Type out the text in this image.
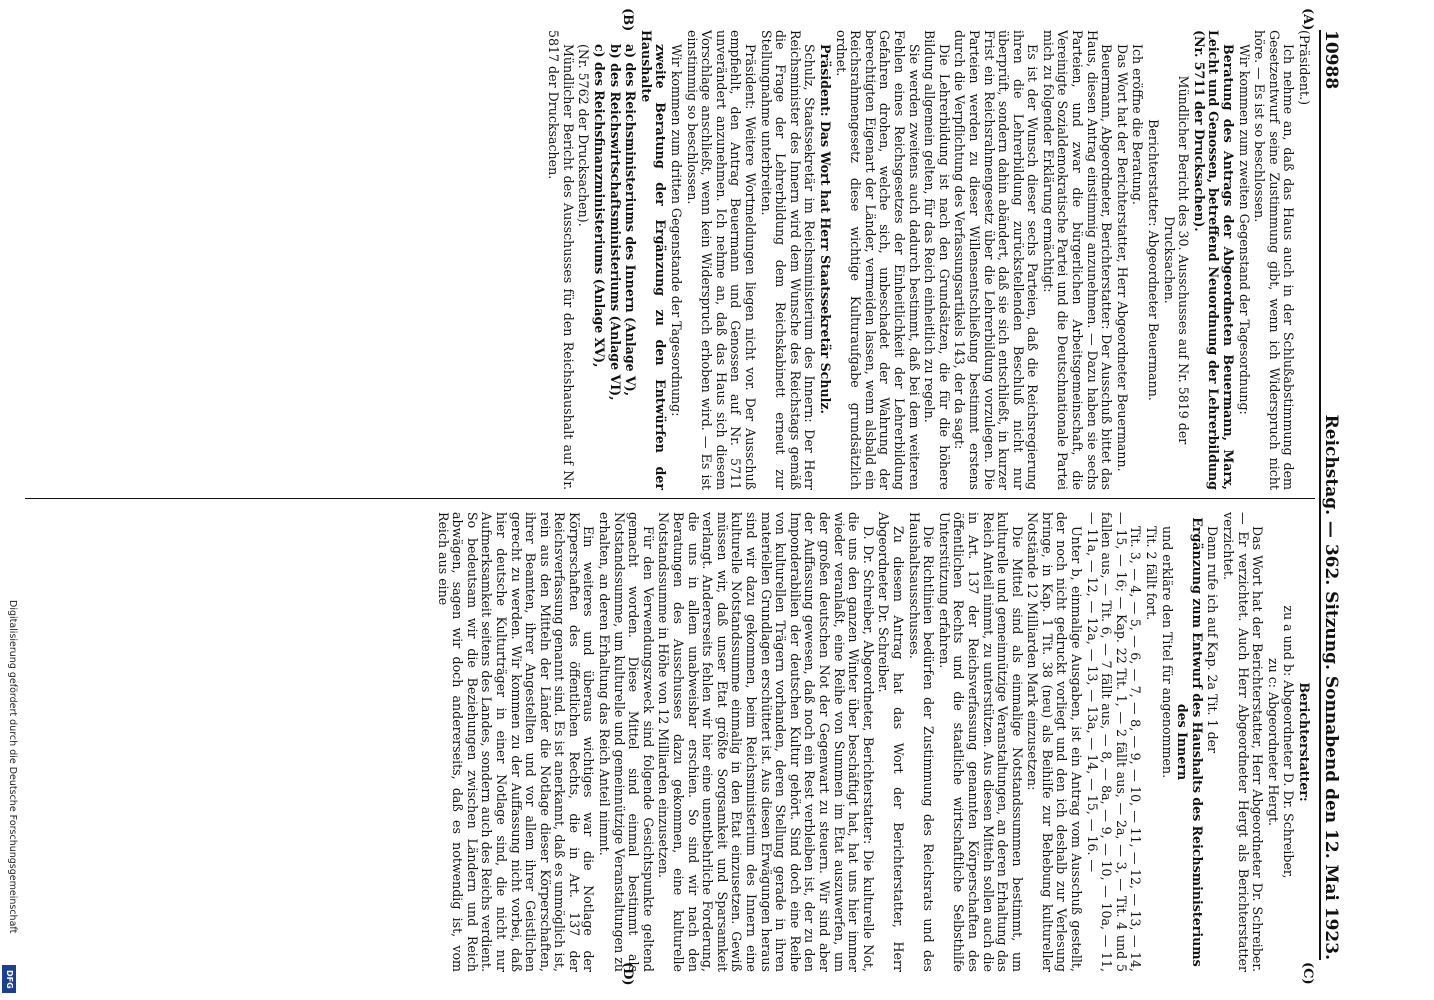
10988
Reichstag. — 362. Sitzung. Sonnabend den 12. Mai 1923.
(A)
(B)
(C)
(D)

(Präsident.)

Ich nehme an, daß das Haus auch in der Schlußabstimmung dem Gesetzentwurf seine Zustimmung gibt, wenn ich Widerspruch nicht höre. — Es ist so beschlossen.

Wir kommen zum zweiten Gegenstand der Tagesordnung:

Beratung des Antrags der Abgeordneten Beuermann, Marx, Leicht und Genossen, betreffend Neuordnung der Lehrerbildung (Nr. 5711 der Drucksachen).

Mündlicher Bericht des 30. Ausschusses auf Nr. 5819 der Drucksachen.

Berichterstatter: Abgeordneter Beuermann.

Ich eröffne die Beratung.

Das Wort hat der Berichterstatter, Herr Abgeordneter Beuermann.

Beuermann, Abgeordneter, Berichterstatter: Der Ausschuß bittet das Haus, diesen Antrag einstimmig anzunehmen. — Dazu haben sie sechs Parteien, und zwar die bürgerlichen Arbeitsgemeinschaft, die Vereinigte Sozialdemokratische Partei und die Deutschnationale Partei mich zu folgender Erklärung ermächtigt:

Es ist der Wunsch dieser sechs Parteien, daß die Reichsregierung ihren die Lehrerbildung zurückstellenden Beschluß nicht nur überprüft, sondern dahin abändert, daß sie sich entschließt, in kurzer Frist ein Reichsrahmengesetz über die Lehrerbildung vorzulegen. Die Parteien werden zu dieser Willensentschließung bestimmt erstens durch die Verpflichtung des Verfassungsartikels 143, der da sagt:

Die Lehrerbildung ist nach den Grundsätzen, die für die höhere Bildung allgemein gelten, für das Reich einheitlich zu regeln.

Sie werden zweitens auch dadurch bestimmt, daß bei dem weiteren Fehlen eines Reichsgesetzes der Einheitlichkeit der Lehrerbildung Gefahren drohen, welche sich, unbeschadet der Wahrung der berechtigten Eigenart der Länder, vermeiden lassen, wenn alsbald ein Reichsrahmengesetz diese wichtige Kulturaufgabe grundsätzlich ordnet.

Präsident: Das Wort hat Herr Staatssekretär Schulz.

Schulz, Staatssekretär im Reichsministerium des Innern: Der Herr Reichsminister des Innern wird dem Wunsche des Reichstags gemäß die Frage der Lehrerbildung dem Reichskabinett erneut zur Stellungnahme unterbreiten.

Präsident: Weitere Wortmeldungen liegen nicht vor. Der Ausschuß empfiehlt, den Antrag Beuermann und Genossen auf Nr. 5711 unverändert anzunehmen. Ich nehme an, daß das Haus sich diesem Vorschlage anschließt, wenn kein Widerspruch erhoben wird. — Es ist einstimmig so beschlossen.

Wir kommen zum dritten Gegenstande der Tagesordnung:

zweite Beratung der Ergänzung zu den Entwürfen der Haushalte

a) des Reichsministeriums des Innern (Anlage V),

b) des Reichswirtschaftsministeriums (Anlage VI),

c) des Reichsfinanzministeriums (Anlage XV),

(Nr. 5762 der Drucksachen).

Mündlicher Bericht des Ausschusses für den Reichshaushalt auf Nr. 5817 der Drucksachen.

Berichterstatter:

zu a und b: Abgeordneter D. Dr. Schreiber,

zu c: Abgeordneter Hergt.

Das Wort hat der Berichterstatter, Herr Abgeordneter Dr. Schreiber. — Er verzichtet. Auch Herr Abgeordneter Hergt als Berichterstatter verzichtet.

Dann rufe ich auf Kap. 2a Tit. 1 der

Ergänzung zum Entwurf des Haushalts des Reichsministeriums des Innern

und erkläre den Titel für angenommen.

Tit. 2 fällt fort.

Tit. 3, — 4, — 5, — 6, — 7, — 8, — 9, — 10, — 11, — 12, — 13, — 14, — 15, — 16; — Kap. 22 Tit. 1, — 2 fällt aus, — 2a, — 3, — Tit. 4 und 5 fallen aus, — Tit. 6, — 7 fällt aus, — 8, — 8a, — 9, — 10, — 10a, — 11, — 11a, — 12, — 12a, — 13, — 13a, — 14, — 15, — 16. —

Unter b, einmalige Ausgaben, ist ein Antrag vom Ausschuß gestellt, der noch nicht gedruckt vorliegt und den ich deshalb zur Verlesung bringe, in Kap. 1 Tit. 38 (neu) als Beihilfe zur Behebung kultureller Notstände 12 Milliarden Mark einzusetzen:

Die Mittel sind als einmalige Notstandssummen bestimmt, um kulturelle und gemeinnützige Veranstaltungen, an deren Erhaltung das Reich Anteil nimmt, zu unterstützen. Aus diesen Mitteln sollen auch die in Art. 137 der Reichsverfassung genannten Körperschaften des öffentlichen Rechts und die staatliche wirtschaftliche Selbsthilfe Unterstützung erfahren.

Die Richtlinien bedürfen der Zustimmung des Reichsrats und des Haushaltsausschusses.

Zu diesem Antrag hat das Wort der Berichterstatter, Herr Abgeordneter Dr. Schreiber.

D. Dr. Schreiber, Abgeordneter, Berichterstatter: Die kulturelle Not, die uns den ganzen Winter über beschäftigt hat, hat uns hier immer wieder veranlaßt, eine Reihe von Summen im Etat auszuwerfen, um der großen deutschen Not der Gegenwart zu steuern. Wir sind aber der Auffassung gewesen, daß noch ein Rest verbleiben ist, der zu den Imponderabilien der deutschen Kultur gehört. Sind doch eine Reihe von kulturellen Trägern vorhanden, deren Stellung gerade in ihren materiellen Grundlagen erschüttert ist. Aus diesen Erwägungen heraus sind wir dazu gekommen, beim Reichsministerium des Innern eine kulturelle Notstandssumme einmalig in den Etat einzusetzen. Gewiß müssen wir, daß unser Etat größte Sorgsamkeit und Sparsamkeit verlangt. Andererseits fehlen wir hier eine unentbehrliche Forderung, die uns in allem unabweisbar erschien. So sind wir nach den Beratungen des Ausschusses dazu gekommen, eine kulturelle Notstandssumme in Höhe von 12 Milliarden einzusetzen.

Für den Verwendungszweck sind folgende Gesichtspunkte geltend gemacht worden. Diese Mittel sind einmal bestimmt als Notstandssumme, um kulturelle und gemeinnützige Veranstaltungen zu erhalten, an deren Erhaltung das Reich Anteil nimmt.

Ein weiteres und überaus wichtiges war die Notlage der Körperschaften des öffentlichen Rechts, die in Art. 137 der Reichsverfassung genannt sind. Es ist anerkannt, daß es unmöglich ist, rein aus den Mitteln der Länder die Notlage dieser Körperschaften, ihrer Beamten, ihrer Angestellten und vor allem ihrer Geistlichen gerecht zu werden. Wir kommen zu der Auffassung nicht vorbei, daß hier deutsche Kulturträger in einer Notlage sind, die nicht nur Aufmerksamkeit seitens des Landes, sondern auch des Reichs verdient. So bedeutsam wir die Beziehungen zwischen Ländern und Reich abwägen, sagen wir doch andererseits, daß es notwendig ist, vom Reich aus eine

Digitalisierung gefördert durch die Deutsche Forschungsgemeinschaft
DFG
